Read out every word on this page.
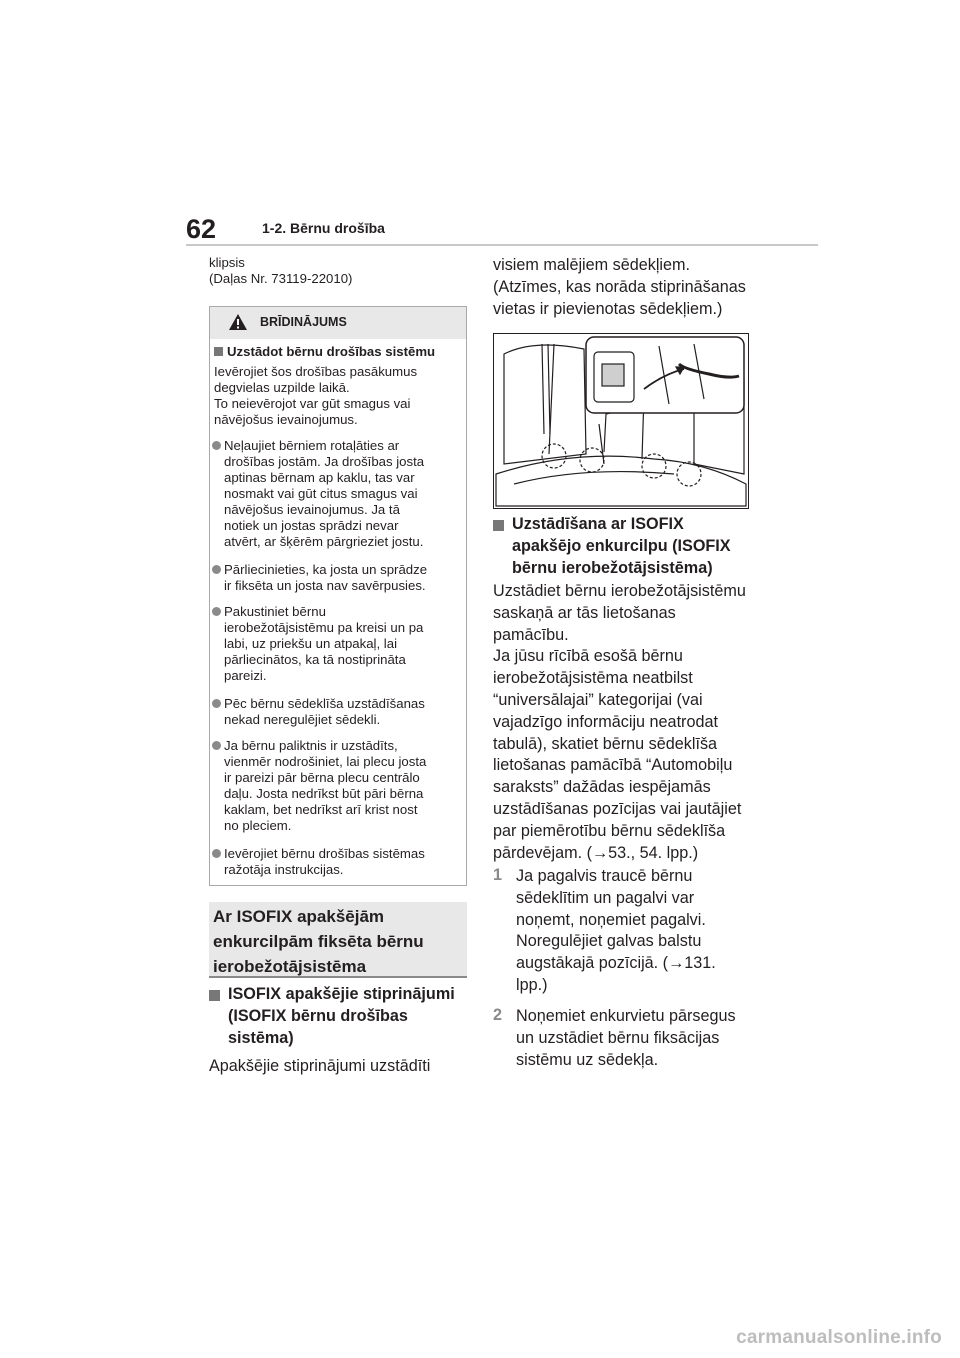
62	1-2. Bērnu drošība
klipsis
(Daļas Nr. 73119-22010)
BRĪDINĀJUMS
Uzstādot bērnu drošības sistēmu
Ievērojiet šos drošības pasākumus
degvielas uzpilde laikā.
To neievērojot var gūt smagus vai
nāvējošus ievainojumus.
Neļaujiet bērniem rotaļāties ar
drošības jostām. Ja drošības josta
aptinas bērnam ap kaklu, tas var
nosmakt vai gūt citus smagus vai
nāvējošus ievainojumus. Ja tā
notiek un jostas sprādzi nevar
atvērt, ar šķērēm pārgrieziet jostu.
Pārliecinieties, ka josta un sprādze
ir fiksēta un josta nav savērpusies.
Pakustiniet bērnu
ierobežotājsistēmu pa kreisi un pa
labi, uz priekšu un atpakaļ, lai
pārliecinātos, ka tā nostiprināta
pareizi.
Pēc bērnu sēdeklīša uzstādīšanas
nekad neregulējiet sēdekli.
Ja bērnu paliktnis ir uzstādīts,
vienmēr nodrošiniet, lai plecu josta
ir pareizi pār bērna plecu centrālo
daļu. Josta nedrīkst būt pāri bērna
kaklam, bet nedrīkst arī krist nost
no pleciem.
Ievērojiet bērnu drošības sistēmas
ražotāja instrukcijas.
Ar ISOFIX apakšējām
enkurcilpām fiksēta bērnu
ierobežotājsistēma
ISOFIX apakšējie stiprinājumi
(ISOFIX bērnu drošības
sistēma)
Apakšējie stiprinājumi uzstādīti
visiem malējiem sēdekļiem.
(Atzīmes, kas norāda stiprināšanas
vietas ir pievienotas sēdekļiem.)
Uzstādīšana ar ISOFIX
apakšējo enkurcilpu (ISOFIX
bērnu ierobežotājsistēma)
Uzstādiet bērnu ierobežotājsistēmu
saskaņā ar tās lietošanas
pamācību.
Ja jūsu rīcībā esošā bērnu
ierobežotājsistēma neatbilst
“universālajai” kategorijai (vai
vajadzīgo informāciju neatrodat
tabulā), skatiet bērnu sēdeklīša
lietošanas pamācībā “Automobiļu
saraksts” dažādas iespējamās
uzstādīšanas pozīcijas vai jautājiet
par piemērotību bērnu sēdeklīša
pārdevējam. (→53., 54. lpp.)
1 Ja pagalvis traucē bērnu
sēdeklītim un pagalvi var
noņemt, noņemiet pagalvi.
Noregulējiet galvas balstu
augstākajā pozīcijā. (→131.
lpp.)
2 Noņemiet enkurvietu pārsegus
un uzstādiet bērnu fiksācijas
sistēmu uz sēdekļa.
carmanualsonline.info
